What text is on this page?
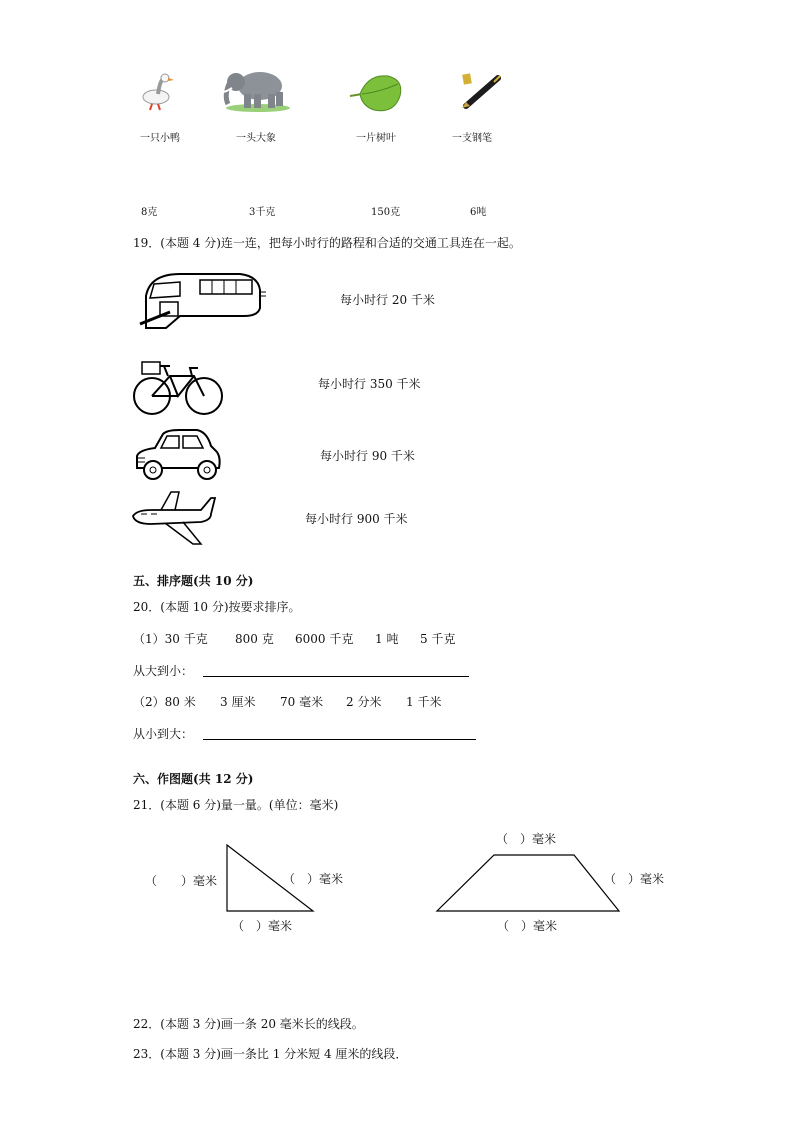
一只小鸭	一头大象	一片树叶	一支钢笔
8克	3千克	150克	6吨
19．(本题 4 分)连一连，把每小时行的路程和合适的交通工具连在一起。
每小时行 20 千米
每小时行 350 千米
每小时行 90 千米
每小时行 900 千米
五、排序题(共 10 分)
20．(本题 10 分)按要求排序。
（1）30 千克 800 克 6000 千克 1 吨 5 千克
从大到小：
（2）80 米 3 厘米 70 毫米 2 分米 1 千米
从小到大：
六、作图题(共 12 分)
21．(本题 6 分)量一量。(单位：毫米)
（　　）毫米	（　）毫米
（　）毫米
（　）毫米
（　）毫米
（　）毫米
22．(本题 3 分)画一条 20 毫米长的线段。
23．(本题 3 分)画一条比 1 分米短 4 厘米的线段．
